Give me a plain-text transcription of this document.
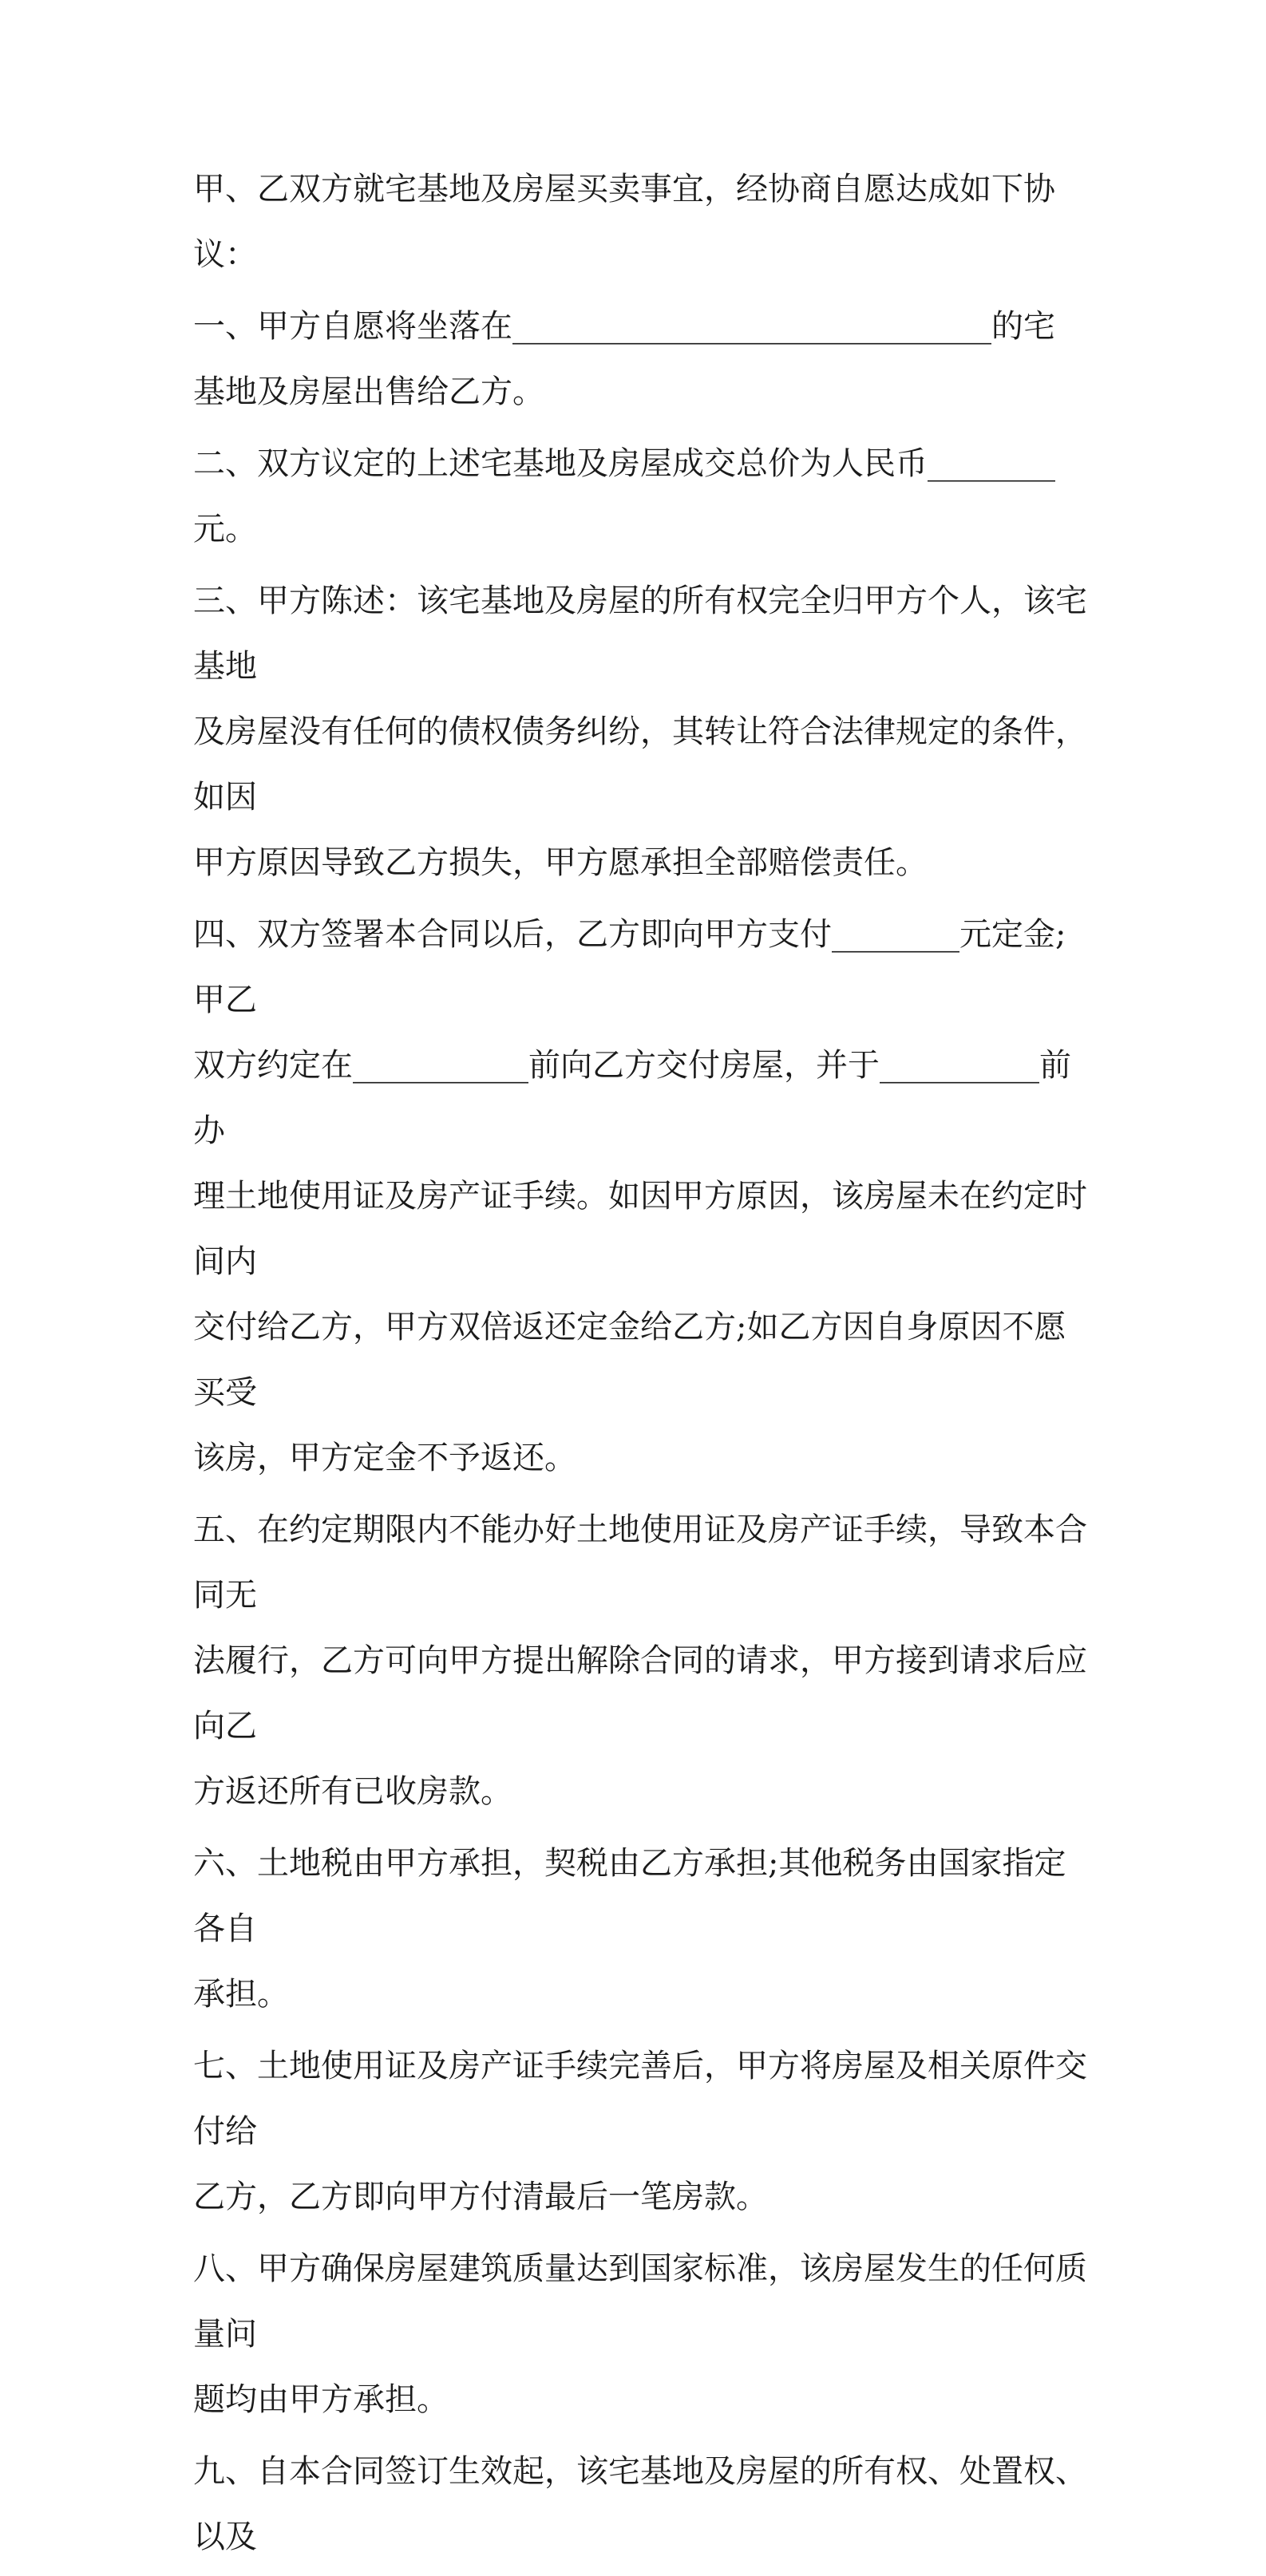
甲、乙双方就宅基地及房屋买卖事宜，经协商自愿达成如下协议：

一、甲方自愿将坐落在______________________________的宅
基地及房屋出售给乙方。

二、双方议定的上述宅基地及房屋成交总价为人民币________元。

三、甲方陈述：该宅基地及房屋的所有权完全归甲方个人，该宅基地
及房屋没有任何的债权债务纠纷，其转让符合法律规定的条件，如因
甲方原因导致乙方损失，甲方愿承担全部赔偿责任。

四、双方签署本合同以后，乙方即向甲方支付________元定金;甲乙
双方约定在___________前向乙方交付房屋，并于__________前办
理土地使用证及房产证手续。如因甲方原因，该房屋未在约定时间内
交付给乙方，甲方双倍返还定金给乙方;如乙方因自身原因不愿买受
该房，甲方定金不予返还。

五、在约定期限内不能办好土地使用证及房产证手续，导致本合同无
法履行，乙方可向甲方提出解除合同的请求，甲方接到请求后应向乙
方返还所有已收房款。

六、土地税由甲方承担，契税由乙方承担;其他税务由国家指定各自
承担。

七、土地使用证及房产证手续完善后，甲方将房屋及相关原件交付给
乙方，乙方即向甲方付清最后一笔房款。

八、甲方确保房屋建筑质量达到国家标准，该房屋发生的任何质量问
题均由甲方承担。

九、自本合同签订生效起，该宅基地及房屋的所有权、处置权、以及
